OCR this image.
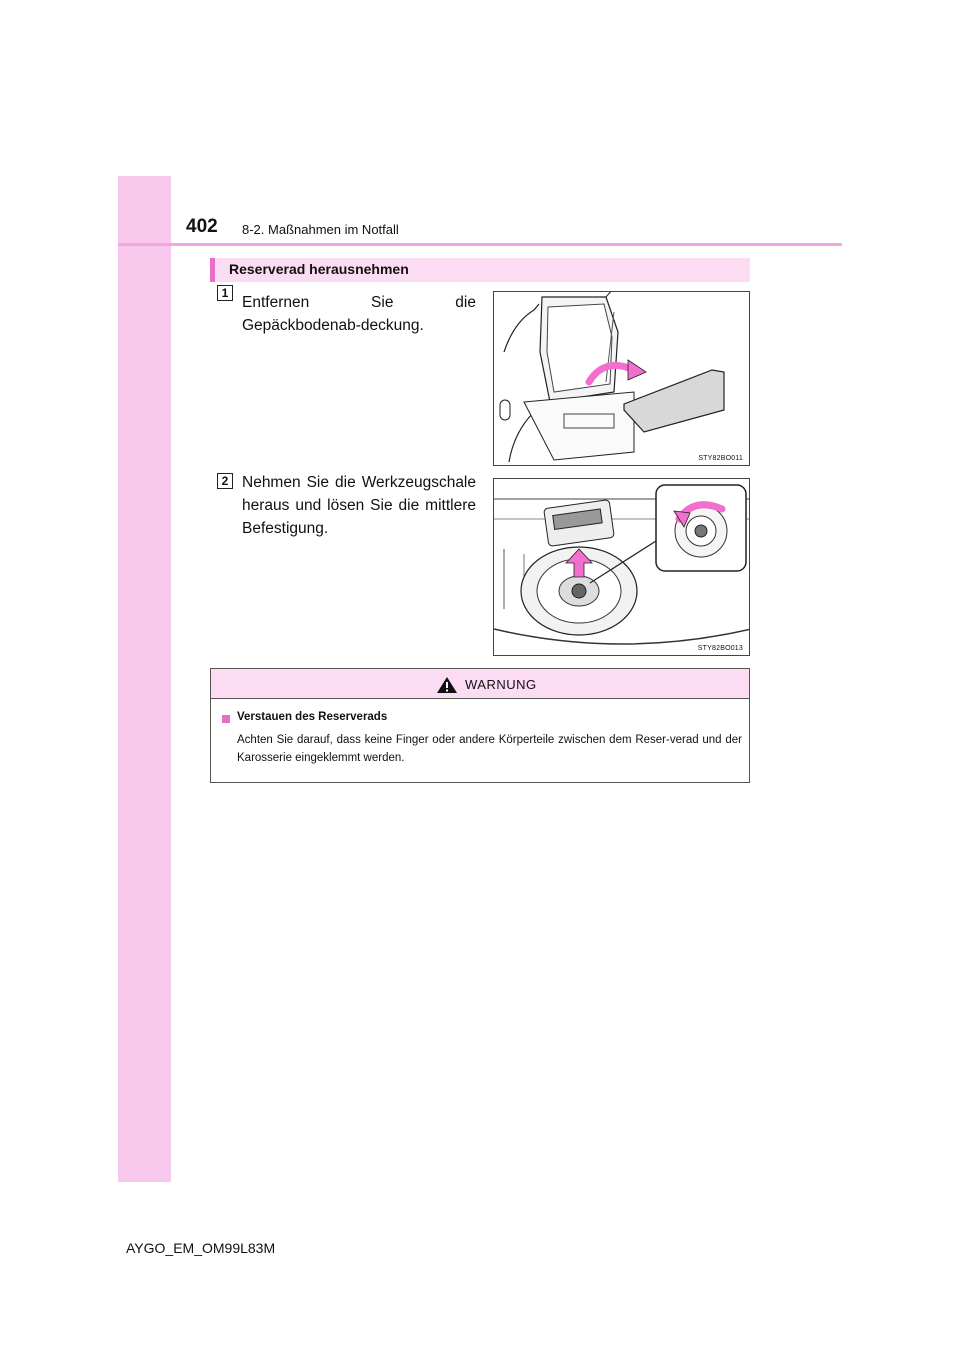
402 8-2. Maßnahmen im Notfall
Reserverad herausnehmen
1
Entfernen Sie die Gepäckbodenab-deckung.
STY82BO011
2 Nehmen Sie die Werkzeugschale heraus und lösen Sie die mittlere Befestigung.
STY82BO013
WARNUNG
Verstauen des Reserverads
Achten Sie darauf, dass keine Finger oder andere Körperteile zwischen dem Reser-verad und der Karosserie eingeklemmt werden.
AYGO_EM_OM99L83M
